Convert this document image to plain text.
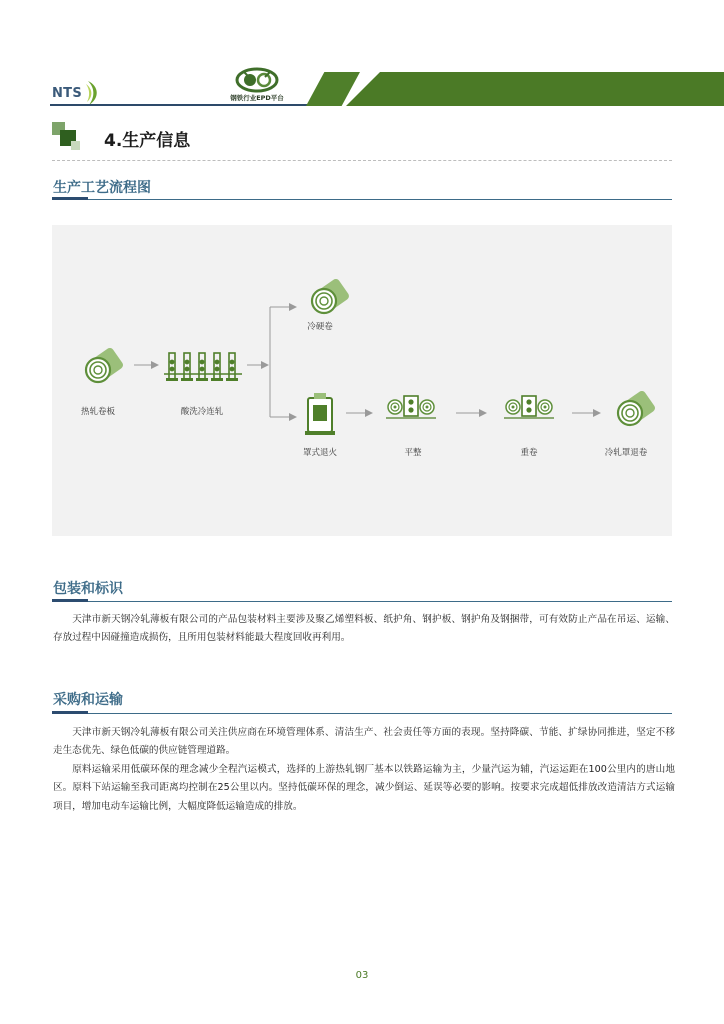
NTS	钢铁行业EPD平台
4.生产信息
生产工艺流程图
热轧卷板	酸洗冷连轧
冷硬卷
罩式退火	平整	重卷	冷轧罩退卷
包装和标识

天津市新天钢冷轧薄板有限公司的产品包装材料主要涉及聚乙烯塑料板、纸护角、钢护板、钢护角及钢捆带，可有效防止产品在吊运、运输、存放过程中因碰撞造成损伤，且所用包装材料能最大程度回收再利用。

采购和运输

天津市新天钢冷轧薄板有限公司关注供应商在环境管理体系、清洁生产、社会责任等方面的表现。坚持降碳、节能、扩绿协同推进，坚定不移走生态优先、绿色低碳的供应链管理道路。

原料运输采用低碳环保的理念减少全程汽运模式，选择的上游热轧钢厂基本以铁路运输为主，少量汽运为辅，汽运运距在100公里内的唐山地区。原料下站运输至我司距离均控制在25公里以内。坚持低碳环保的理念，减少倒运、延误等必要的影响。按要求完成超低排放改造清洁方式运输项目，增加电动车运输比例，大幅度降低运输造成的排放。

03
